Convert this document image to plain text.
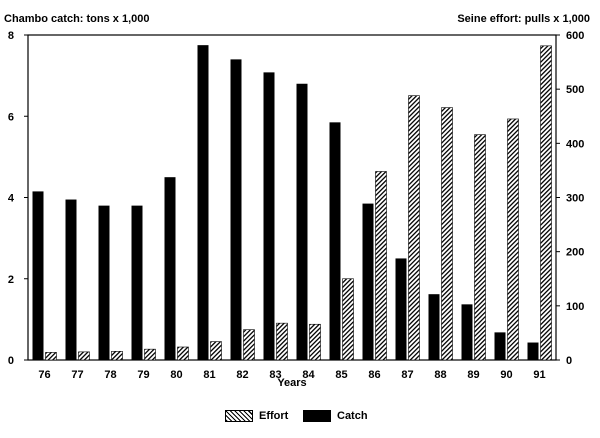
Chambo catch: tons x 1,000	Seine effort: pulls x 1,000
0
2
4
6
8
0
100
200
300
400
500
600
76 77 78 79 80 81 82 83 84 85 86 87 88 89 90 91
Years
Effort	Catch
